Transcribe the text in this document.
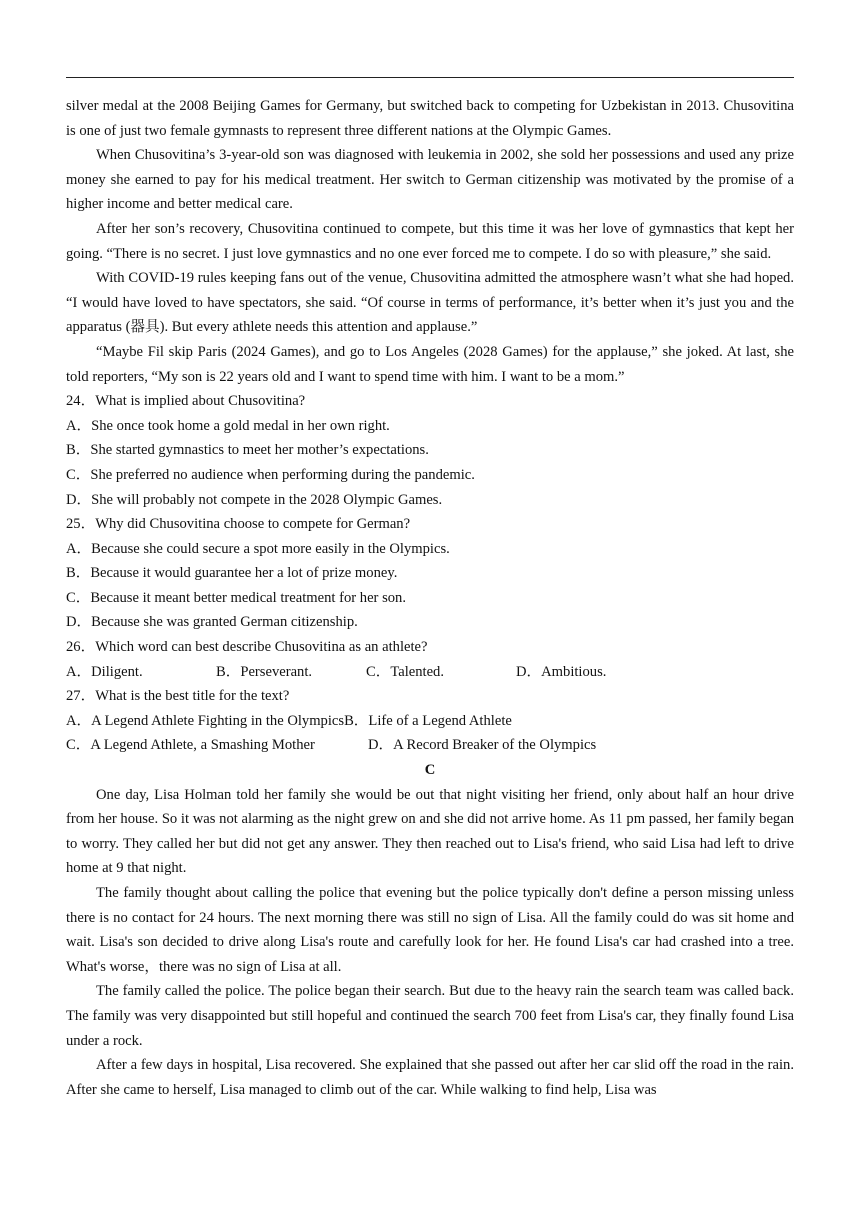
silver medal at the 2008 Beijing Games for Germany, but switched back to competing for Uzbekistan in 2013. Chusovitina is one of just two female gymnasts to represent three different nations at the Olympic Games.

When Chusovitina’s 3-year-old son was diagnosed with leukemia in 2002, she sold her possessions and used any prize money she earned to pay for his medical treatment. Her switch to German citizenship was motivated by the promise of a higher income and better medical care.

After her son’s recovery, Chusovitina continued to compete, but this time it was her love of gymnastics that kept her going. “There is no secret. I just love gymnastics and no one ever forced me to compete. I do so with pleasure,” she said.

With COVID-19 rules keeping fans out of the venue, Chusovitina admitted the atmosphere wasn’t what she had hoped. “I would have loved to have spectators, she said. “Of course in terms of performance, it’s better when it’s just you and the apparatus (器具). But every athlete needs this attention and applause.”

“Maybe Fil skip Paris (2024 Games), and go to Los Angeles (2028 Games) for the applause,” she joked. At last, she told reporters, “My son is 22 years old and I want to spend time with him. I want to be a mom.”

24．What is implied about Chusovitina?

A．She once took home a gold medal in her own right.

B．She started gymnastics to meet her mother’s expectations.

C．She preferred no audience when performing during the pandemic.

D．She will probably not compete in the 2028 Olympic Games.

25．Why did Chusovitina choose to compete for German?

A．Because she could secure a spot more easily in the Olympics.

B．Because it would guarantee her a lot of prize money.

C．Because it meant better medical treatment for her son.

D．Because she was granted German citizenship.

26．Which word can best describe Chusovitina as an athlete?

A．Diligent.	B．Perseverant.	C．Talented.	D．Ambitious.

27．What is the best title for the text?

A．A Legend Athlete Fighting in the Olympics B．Life of a Legend Athlete
C．A Legend Athlete, a Smashing Mother	D．A Record Breaker of the Olympics

C

One day, Lisa Holman told her family she would be out that night visiting her friend, only about half an hour drive from her house. So it was not alarming as the night grew on and she did not arrive home. As 11 pm passed, her family began to worry. They called her but did not get any answer. They then reached out to Lisa's friend, who said Lisa had left to drive home at 9 that night.

The family thought about calling the police that evening but the police typically don't define a person missing unless there is no contact for 24 hours. The next morning there was still no sign of Lisa. All the family could do was sit home and wait. Lisa's son decided to drive along Lisa's route and carefully look for her. He found Lisa's car had crashed into a tree. What's worse，there was no sign of Lisa at all.

The family called the police. The police began their search. But due to the heavy rain the search team was called back. The family was very disappointed but still hopeful and continued the search 700 feet from Lisa's car, they finally found Lisa under a rock.

After a few days in hospital, Lisa recovered. She explained that she passed out after her car slid off the road in the rain. After she came to herself, Lisa managed to climb out of the car. While walking to find help, Lisa was
